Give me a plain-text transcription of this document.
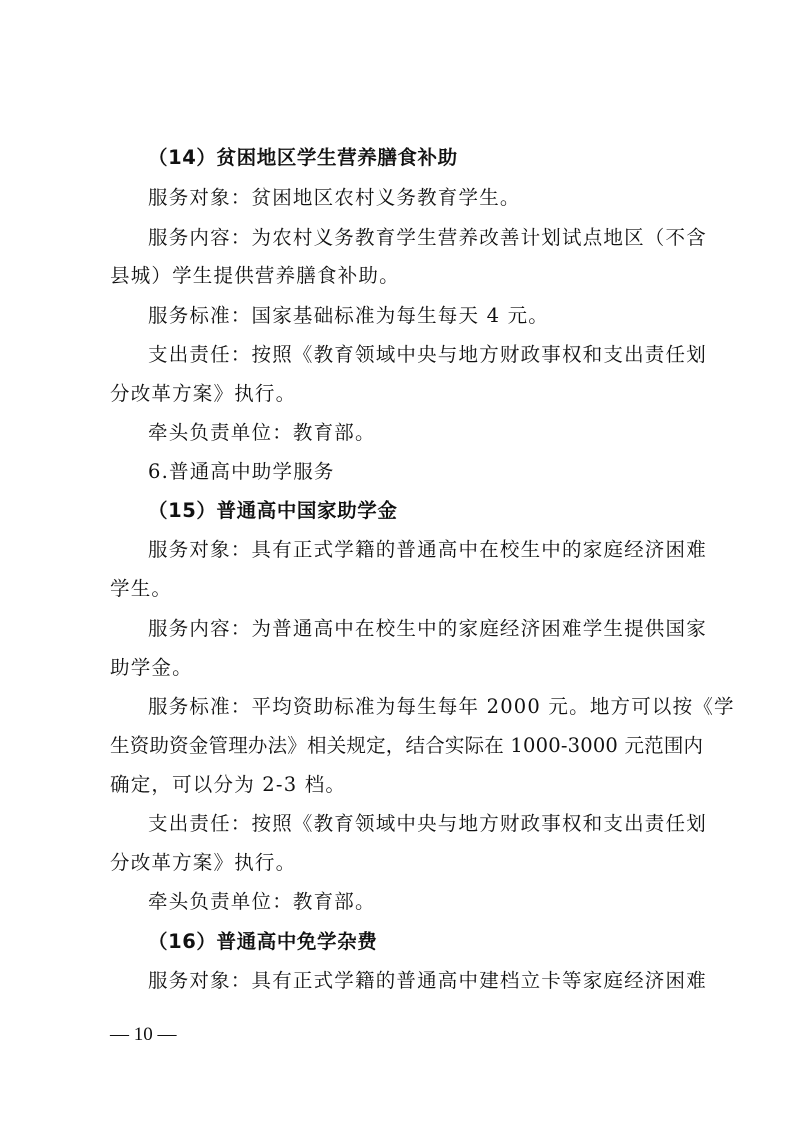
（14）贫困地区学生营养膳食补助
服务对象：贫困地区农村义务教育学生。
服务内容：为农村义务教育学生营养改善计划试点地区（不含
县城）学生提供营养膳食补助。
服务标准：国家基础标准为每生每天 4 元。
支出责任：按照《教育领域中央与地方财政事权和支出责任划
分改革方案》执行。
牵头负责单位：教育部。
6.普通高中助学服务
（15）普通高中国家助学金
服务对象：具有正式学籍的普通高中在校生中的家庭经济困难
学生。
服务内容：为普通高中在校生中的家庭经济困难学生提供国家
助学金。
服务标准：平均资助标准为每生每年 2000 元。地方可以按《学
生资助资金管理办法》相关规定，结合实际在 1000-3000 元范围内
确定，可以分为 2-3 档。
支出责任：按照《教育领域中央与地方财政事权和支出责任划
分改革方案》执行。
牵头负责单位：教育部。
（16）普通高中免学杂费
服务对象：具有正式学籍的普通高中建档立卡等家庭经济困难
— 10 —
